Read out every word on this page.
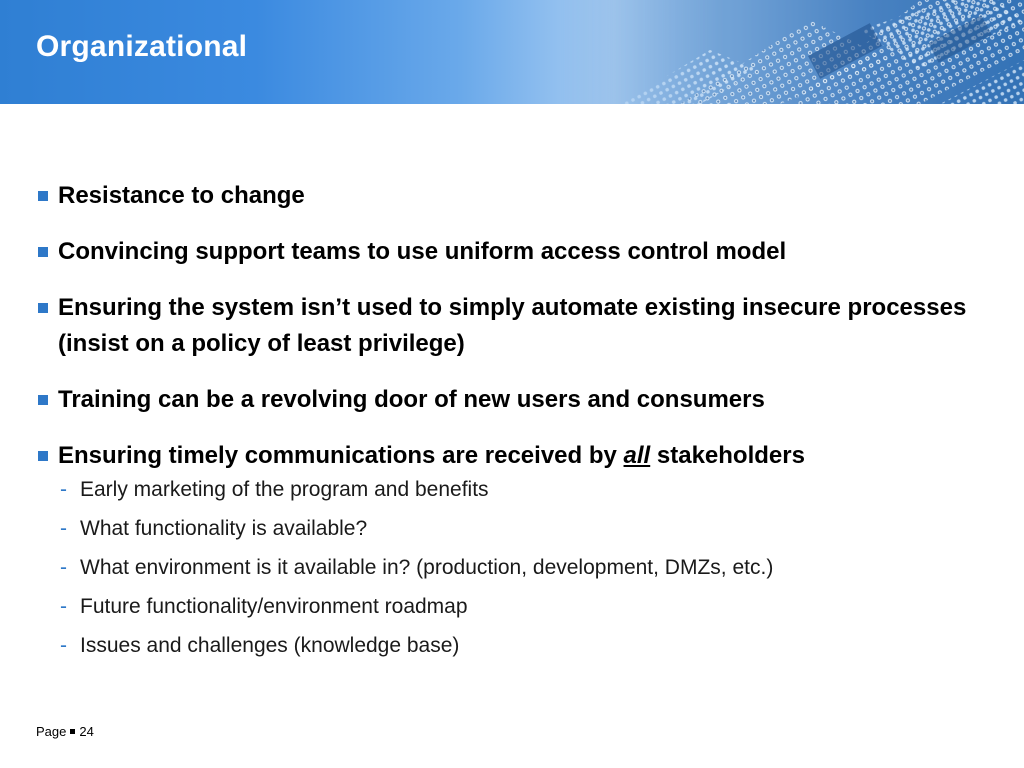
Organizational
Resistance to change
Convincing support teams to use uniform access control model
Ensuring the system isn’t used to simply automate existing insecure processes (insist on a policy of least privilege)
Training can be a revolving door of new users and consumers
Ensuring timely communications are received by all stakeholders
- Early marketing of the program and benefits
- What functionality is available?
- What environment is it available in? (production, development, DMZs, etc.)
- Future functionality/environment roadmap
- Issues and challenges (knowledge base)
Page 24
